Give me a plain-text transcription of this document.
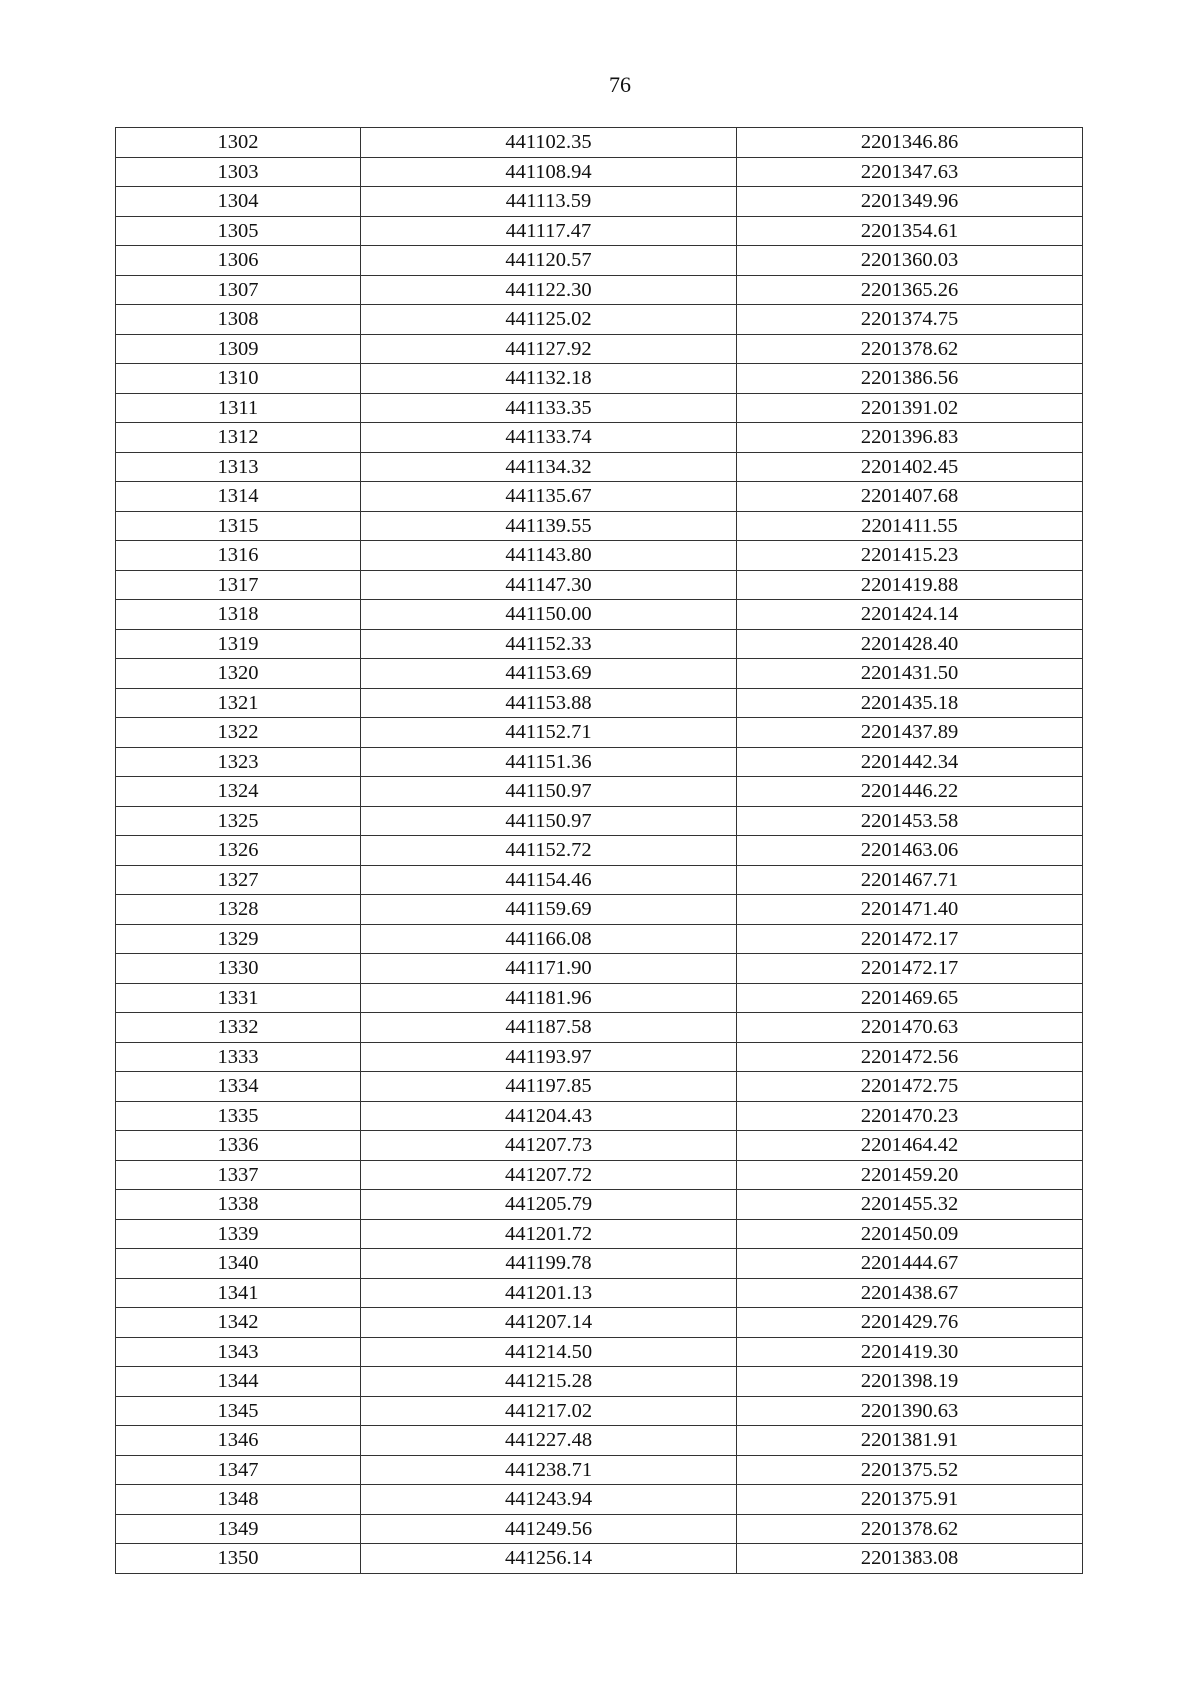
76
1302	441102.35	2201346.86
1303	441108.94	2201347.63
1304	441113.59	2201349.96
1305	441117.47	2201354.61
1306	441120.57	2201360.03
1307	441122.30	2201365.26
1308	441125.02	2201374.75
1309	441127.92	2201378.62
1310	441132.18	2201386.56
1311	441133.35	2201391.02
1312	441133.74	2201396.83
1313	441134.32	2201402.45
1314	441135.67	2201407.68
1315	441139.55	2201411.55
1316	441143.80	2201415.23
1317	441147.30	2201419.88
1318	441150.00	2201424.14
1319	441152.33	2201428.40
1320	441153.69	2201431.50
1321	441153.88	2201435.18
1322	441152.71	2201437.89
1323	441151.36	2201442.34
1324	441150.97	2201446.22
1325	441150.97	2201453.58
1326	441152.72	2201463.06
1327	441154.46	2201467.71
1328	441159.69	2201471.40
1329	441166.08	2201472.17
1330	441171.90	2201472.17
1331	441181.96	2201469.65
1332	441187.58	2201470.63
1333	441193.97	2201472.56
1334	441197.85	2201472.75
1335	441204.43	2201470.23
1336	441207.73	2201464.42
1337	441207.72	2201459.20
1338	441205.79	2201455.32
1339	441201.72	2201450.09
1340	441199.78	2201444.67
1341	441201.13	2201438.67
1342	441207.14	2201429.76
1343	441214.50	2201419.30
1344	441215.28	2201398.19
1345	441217.02	2201390.63
1346	441227.48	2201381.91
1347	441238.71	2201375.52
1348	441243.94	2201375.91
1349	441249.56	2201378.62
1350	441256.14	2201383.08
